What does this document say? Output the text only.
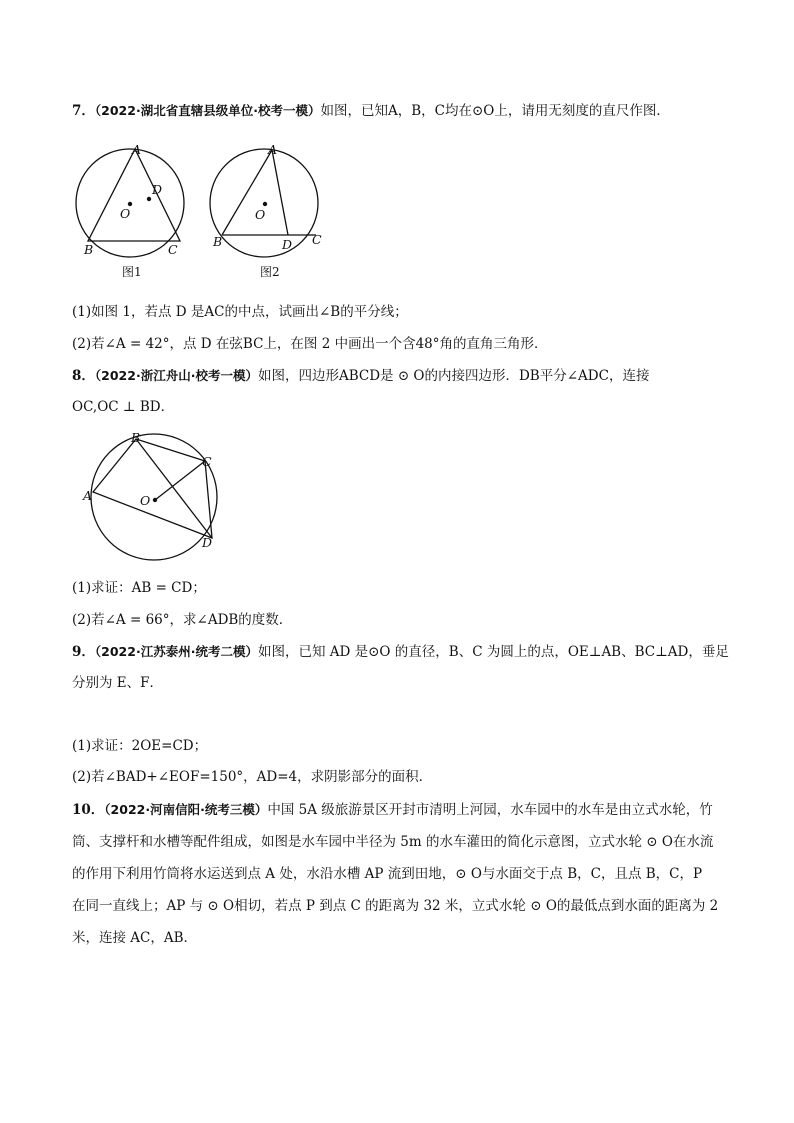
7．（2022·湖北省直辖县级单位·校考一模）如图，已知A，B，C均在⊙O上，请用无刻度的直尺作图．
A
B	C
D
O
图1
A
B	C
D
O
图2
(1)如图 1，若点 D 是AC的中点，试画出∠B的平分线；
(2)若∠A = 42°，点 D 在弦BC上，在图 2 中画出一个含48°角的直角三角形．
8．（2022·浙江舟山·校考一模）如图，四边形ABCD是 ⊙ O的内接四边形．DB平分∠ADC，连接
OC,OC ⊥ BD．
A
B
C
D
O
(1)求证：AB = CD；
(2)若∠A = 66°，求∠ADB的度数．
9．（2022·江苏泰州·统考二模）如图，已知 AD 是⊙O 的直径，B、C 为圆上的点，OE⊥AB、BC⊥AD，垂足
分别为 E、F．
(1)求证：2OE=CD；
(2)若∠BAD+∠EOF=150°，AD=4，求阴影部分的面积．
10．（2022·河南信阳·统考三模）中国 5A 级旅游景区开封市清明上河园，水车园中的水车是由立式水轮，竹
筒、支撑杆和水槽等配件组成，如图是水车园中半径为 5m 的水车灌田的简化示意图，立式水轮 ⊙ O在水流
的作用下利用竹筒将水运送到点 A 处，水沿水槽 AP 流到田地，⊙ O与水面交于点 B，C，且点 B，C，P
在同一直线上；AP 与 ⊙ O相切，若点 P 到点 C 的距离为 32 米，立式水轮 ⊙ O的最低点到水面的距离为 2
米，连接 AC，AB．
